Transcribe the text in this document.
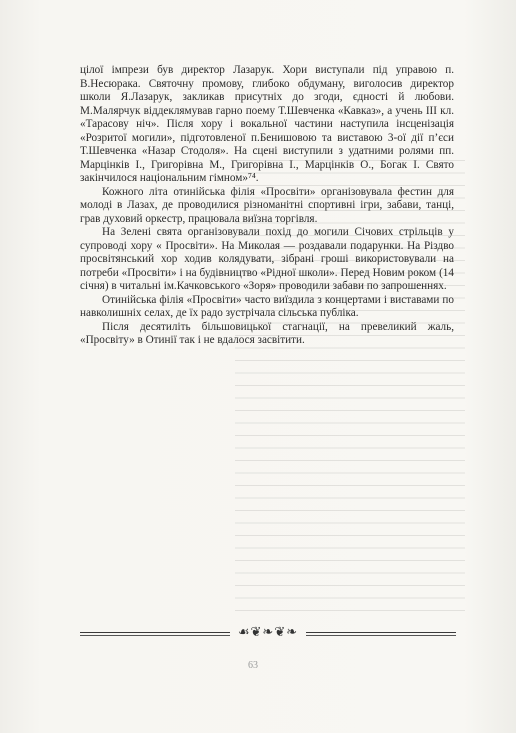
цілої імпрези був директор Лазарук. Хори виступали під управою п. В.Несюрака. Святочну промову, глибоко обдуману, виголосив директор школи Я.Лазарук, закликав присутніх до згоди, єдності й любови. М.Малярчук віддеклямував гарно поему Т.Шевченка «Кавказ», а учень III кл. «Тарасову ніч». Після хору і вокальної частини наступила інсценізація «Розритої могили», підготовленої п.Бенишовою та виставою 3-ої дії п’єси Т.Шевченка «Назар Стодоля». На сцені виступили з удатними ролями пп. Марцінків І., Григорівна М., Григорівна І., Марцінків О., Богак І. Свято закінчилося національним гімном»⁷⁴.

Кожного літа отинійська філія «Просвіти» організовувала фестин для молоді в Лазах, де проводилися різноманітні спортивні ігри, забави, танці, грав духовий оркестр, працювала виїзна торгівля.

На Зелені свята організовували похід до могили Січових стрільців у супроводі хору « Просвіти». На Миколая — роздавали подарунки. На Різдво просвітянський хор ходив колядувати, зібрані гроші використовували на потреби «Просвіти» і на будівництво «Рідної школи». Перед Новим роком (14 січня) в читальні ім.Качковського «Зоря» проводили забави по запрошеннях.

Отинійська філія «Просвіти» часто виїздила з концертами і виставами по навколишніх селах, де їх радо зустрічала сільська публіка.

Після десятиліть більшовицької стагнації, на превеликий жаль, «Просвіту» в Отинії так і не вдалося засвітити.

☙❦❧❦❧
63
